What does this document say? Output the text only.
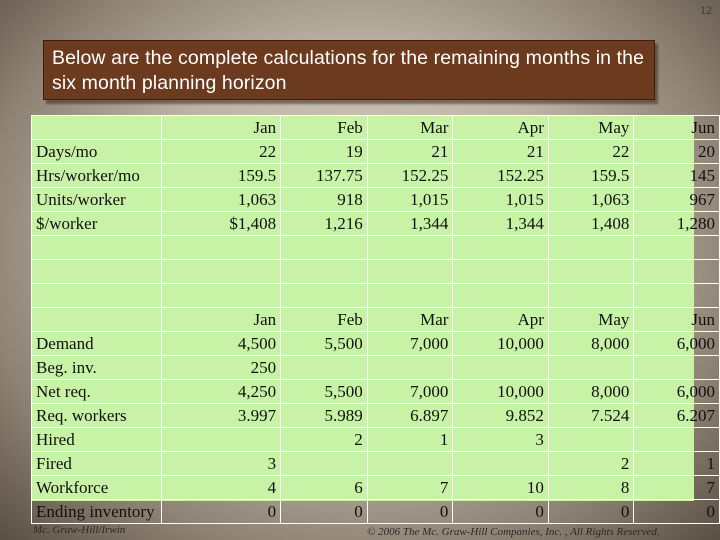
12
Below are the complete calculations for the remaining months in the six month planning horizon
	Jan	Feb	Mar	Apr	May	Jun
Days/mo	22	19	21	21	22	20
Hrs/worker/mo	159.5	137.75	152.25	152.25	159.5	145
Units/worker	1,063	918	1,015	1,015	1,063	967
$/worker	$1,408	1,216	1,344	1,344	1,408	1,280

	Jan	Feb	Mar	Apr	May	Jun
Demand	4,500	5,500	7,000	10,000	8,000	6,000
Beg. inv.	250					
Net req.	4,250	5,500	7,000	10,000	8,000	6,000
Req. workers	3.997	5.989	6.897	9.852	7.524	6.207
Hired		2	1	3		
Fired	3				2	1
Workforce	4	6	7	10	8	7
Ending inventory	0	0	0	0	0	0
Mc. Graw-Hill/Irwin	© 2006 The Mc. Graw-Hill Companies, Inc. , All Rights Reserved.
